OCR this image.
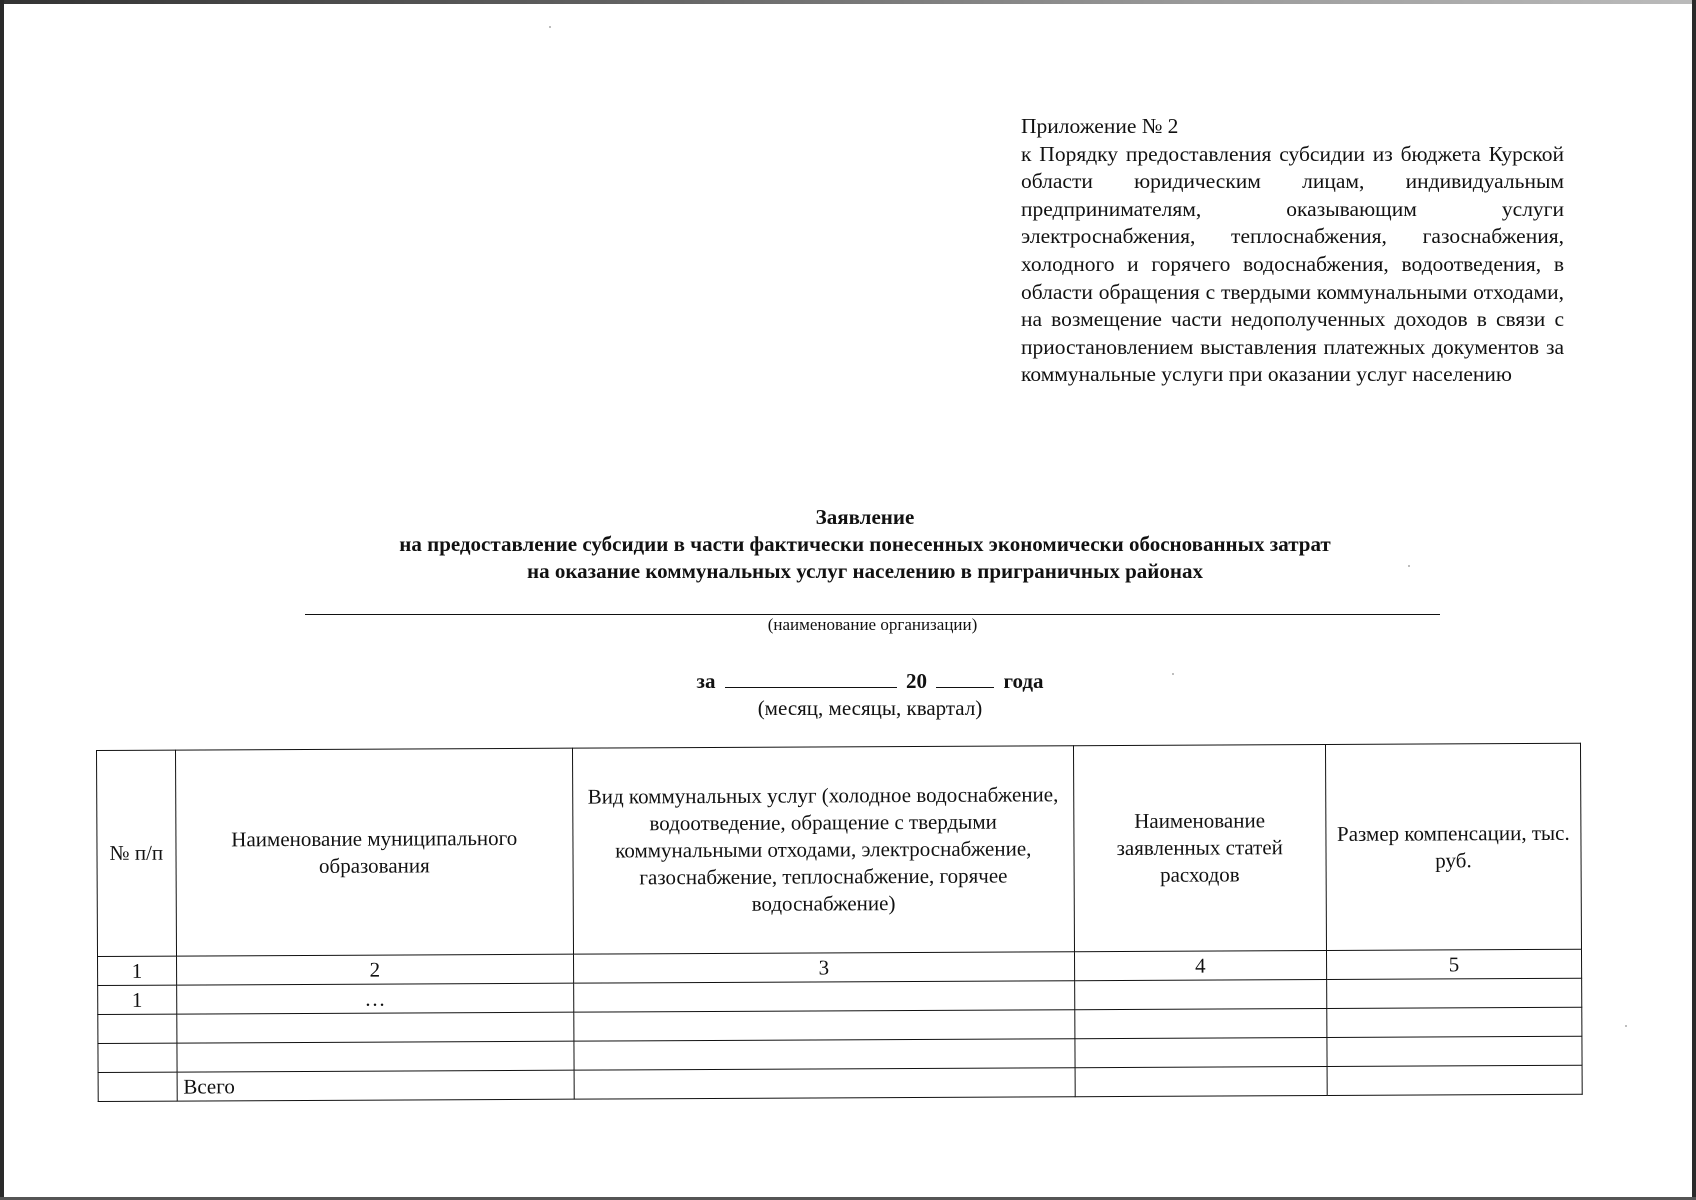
Приложение № 2
к Порядку предоставления субсидии из бюджета Курской области юридическим лицам, индивидуальным предпринимателям, оказывающим услуги электроснабжения, теплоснабжения, газоснабжения, холодного и горячего водоснабжения, водоотведения, в области обращения с твердыми коммунальными отходами, на возмещение части недополученных доходов в связи с приостановлением выставления платежных документов за коммунальные услуги при оказании услуг населению
Заявление
на предоставление субсидии в части фактически понесенных экономически обоснованных затрат
на оказание коммунальных услуг населению в приграничных районах
(наименование организации)
за	20	года
(месяц, месяцы, квартал)
№ п/п	Наименование муниципального образования	Вид коммунальных услуг (холодное водоснабжение, водоотведение, обращение с твердыми коммунальными отходами, электроснабжение, газоснабжение, теплоснабжение, горячее водоснабжение)	Наименование заявленных статей расходов	Размер компенсации, тыс. руб.
1	2	3	4	5
1	…			

	Всего			
